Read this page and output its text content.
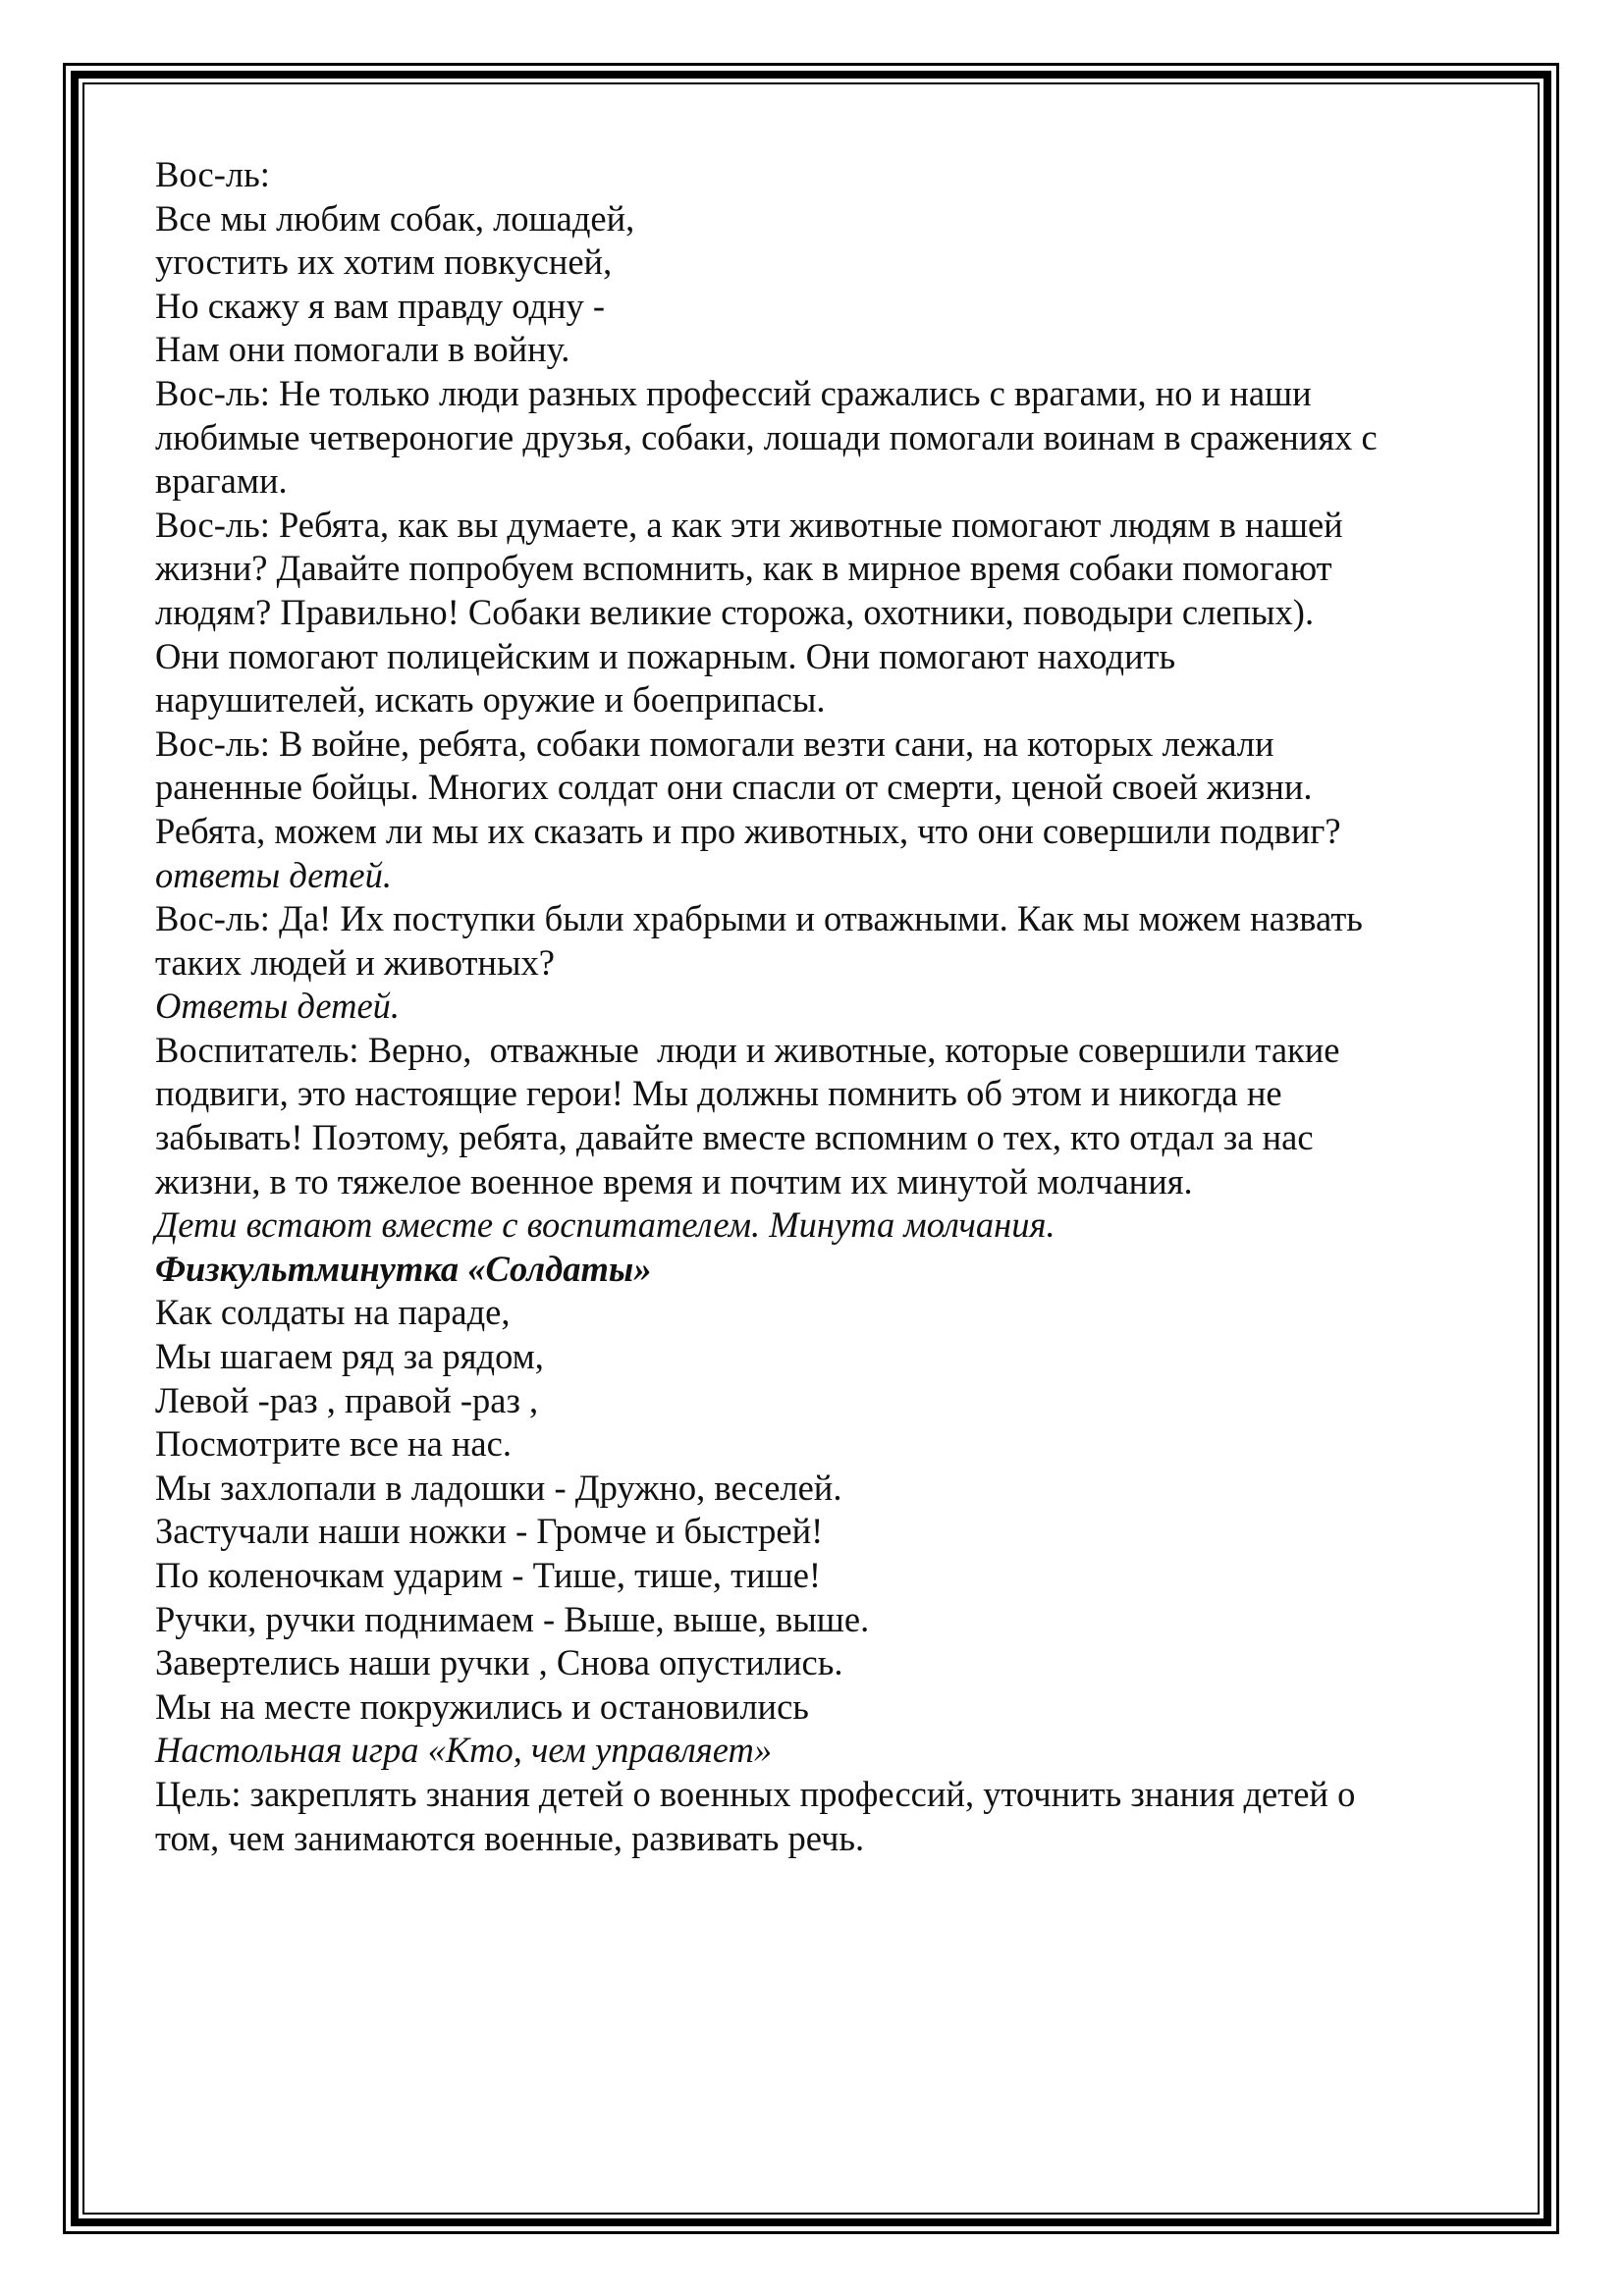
Вос-ль:
Все мы любим собак, лошадей,
угостить их хотим повкусней,
Но скажу я вам правду одну -
Нам они помогали в войну.
Вос-ль: Не только люди разных профессий сражались с врагами, но и наши
любимые четвероногие друзья, собаки, лошади помогали воинам в сражениях с
врагами.
Вос-ль: Ребята, как вы думаете, а как эти животные помогают людям в нашей
жизни? Давайте попробуем вспомнить, как в мирное время собаки помогают
людям? Правильно! Собаки великие сторожа, охотники, поводыри слепых).
Они помогают полицейским и пожарным. Они помогают находить
нарушителей, искать оружие и боеприпасы.
Вос-ль: В войне, ребята, собаки помогали везти сани, на которых лежали
раненные бойцы. Многих солдат они спасли от смерти, ценой своей жизни.
Ребята, можем ли мы их сказать и про животных, что они совершили подвиг?
ответы детей.
Вос-ль: Да! Их поступки были храбрыми и отважными. Как мы можем назвать
таких людей и животных?
Ответы детей.
Воспитатель: Верно,  отважные  люди и животные, которые совершили такие
подвиги, это настоящие герои! Мы должны помнить об этом и никогда не
забывать! Поэтому, ребята, давайте вместе вспомним о тех, кто отдал за нас
жизни, в то тяжелое военное время и почтим их минутой молчания.
Дети встают вместе с воспитателем. Минута молчания.
Физкультминутка «Солдаты»
Как солдаты на параде,
Мы шагаем ряд за рядом,
Левой -раз , правой -раз ,
Посмотрите все на нас.
Мы захлопали в ладошки - Дружно, веселей.
Застучали наши ножки - Громче и быстрей!
По коленочкам ударим - Тише, тише, тише!
Ручки, ручки поднимаем - Выше, выше, выше.
Завертелись наши ручки , Снова опустились.
Мы на месте покружились и остановились
Настольная игра «Кто, чем управляет»
Цель: закреплять знания детей о военных профессий, уточнить знания детей о
том, чем занимаются военные, развивать речь.
